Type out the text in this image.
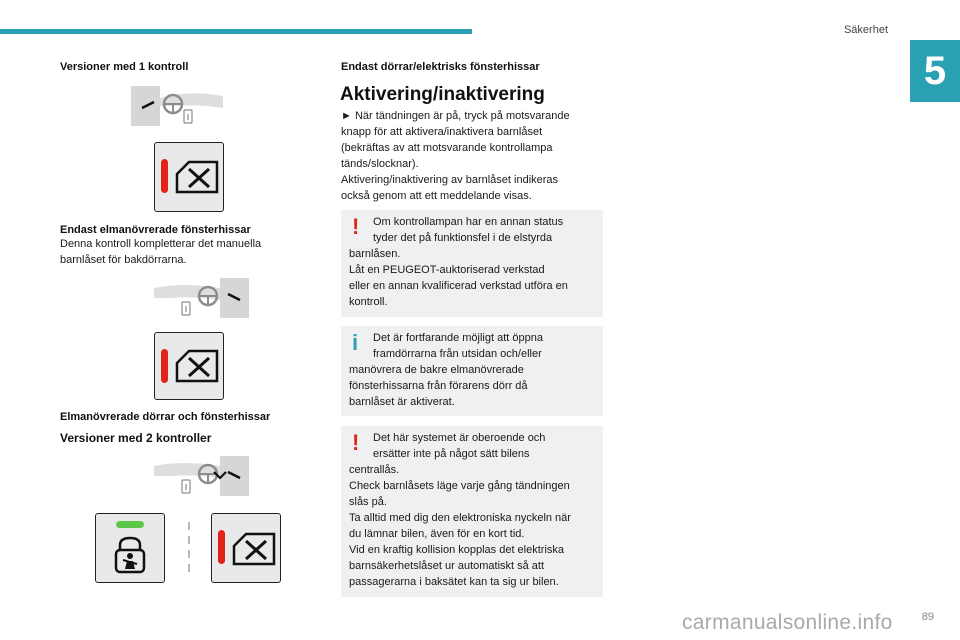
Säkerhet
5
Versioner med 1 kontroll
Endast elmanövrerade fönsterhissar
Denna kontroll kompletterar det manuella
barnlåset för bakdörrarna.
Elmanövrerade dörrar och fönsterhissar
Versioner med 2 kontroller
Endast dörrar/elektrisks fönsterhissar
Aktivering/inaktivering
► När tändningen är på, tryck på motsvarande
knapp för att aktivera/inaktivera barnlåset
(bekräftas av att motsvarande kontrollampa
tänds/slocknar).
Aktivering/inaktivering av barnlåset indikeras
också genom att ett meddelande visas.
!	Om kontrollampan har en annan status

tyder det på funktionsfel i de elstyrda

barnlåsen.

Låt en PEUGEOT-auktoriserad verkstad

eller en annan kvalificerad verkstad utföra en

kontroll.

i	Det är fortfarande möjligt att öppna

framdörrarna från utsidan och/eller

manövrera de bakre elmanövrerade

fönsterhissarna från förarens dörr då

barnlåset är aktiverat.

!	Det här systemet är oberoende och

ersätter inte på något sätt bilens

centrallås.

Check barnlåsets läge varje gång tändningen

slås på.

Ta alltid med dig den elektroniska nyckeln när

du lämnar bilen, även för en kort tid.

Vid en kraftig kollision kopplas det elektriska

barnsäkerhetslåset ur automatiskt så att

passagerarna i baksätet kan ta sig ur bilen.

carmanualsonline.info	89
